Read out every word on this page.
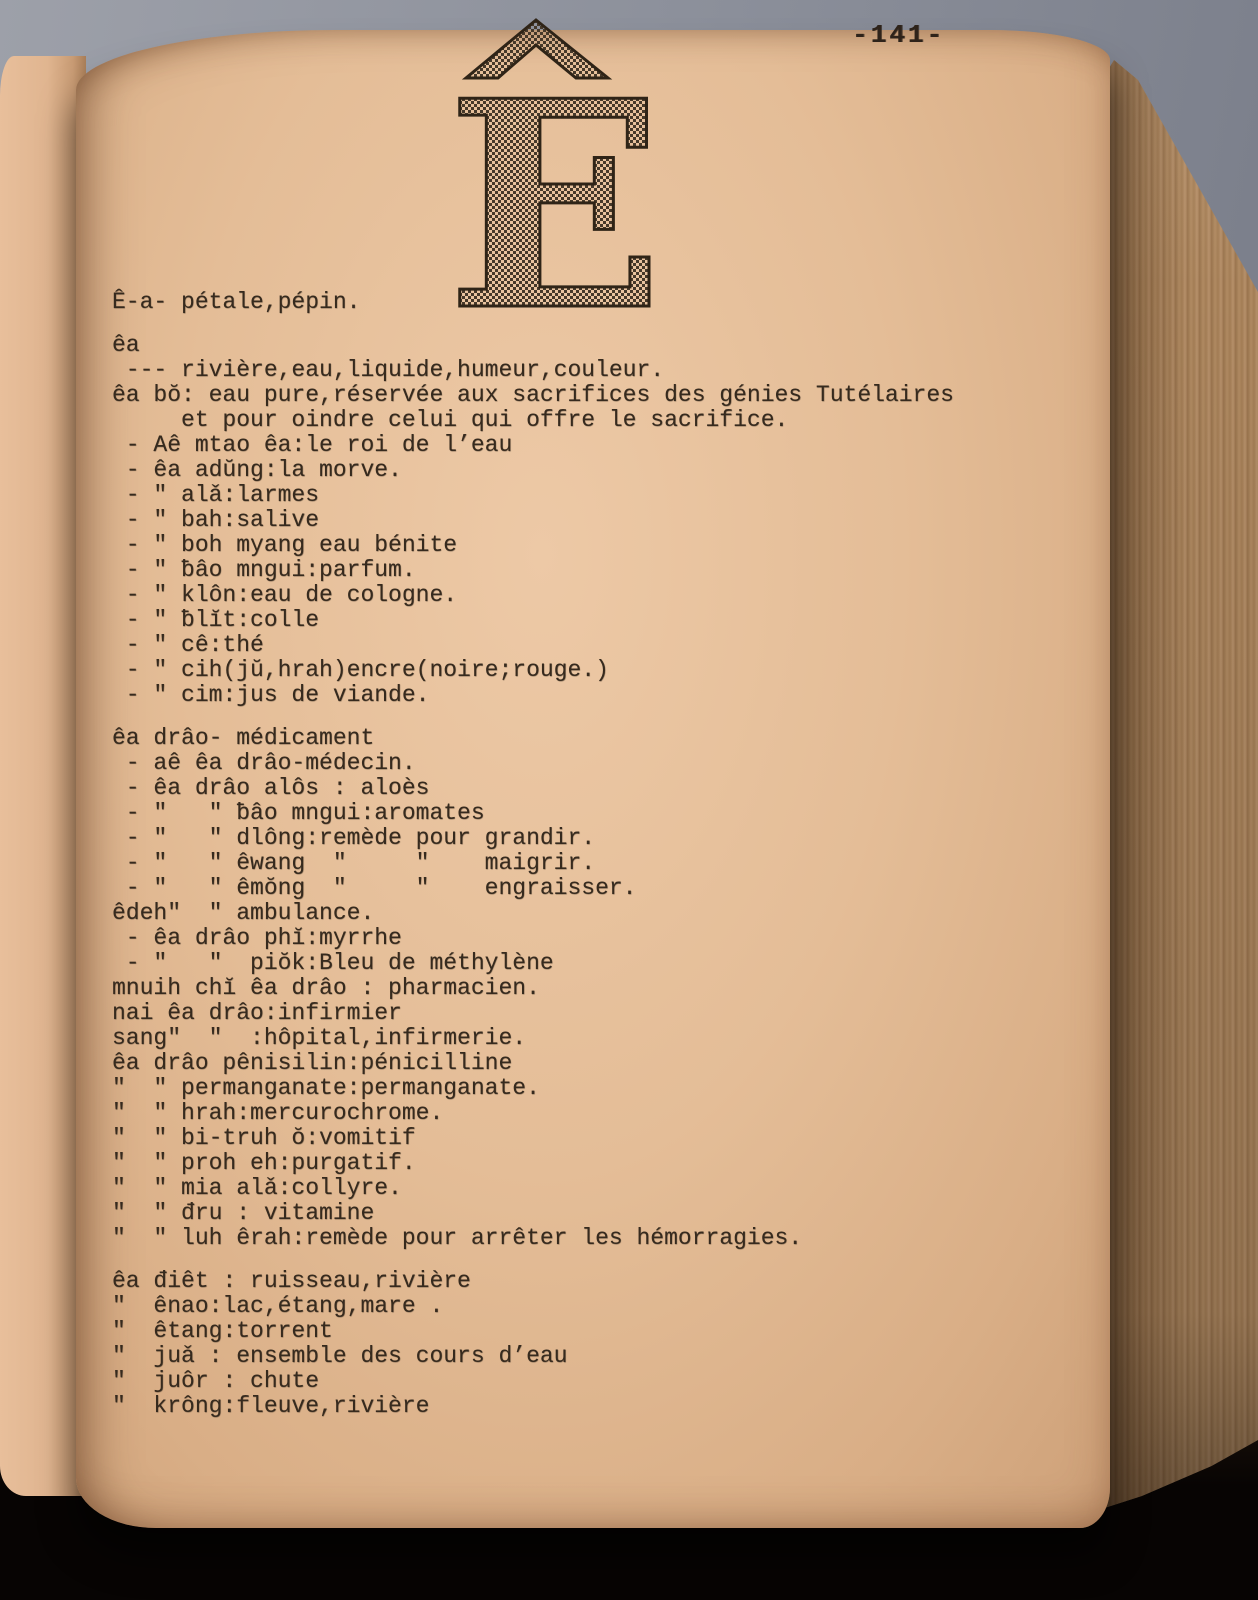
-141-
E
Ê-a- pétale,pépin.
êa
--- rivière,eau,liquide,humeur,couleur.
êa bŏ: eau pure,réservée aux sacrifices des génies Tutélaires
et pour oindre celui qui offre le sacrifice.
- Aê mtao êa:le roi de l’eau
- êa adŭng:la morve.
- " alǎ:larmes
- " bah:salive
- " boh myang eau bénite
- " ƀâo mngui:parfum.
- " klôn:eau de cologne.
- " ƀlĭt:colle
- " cê:thé
- " cih(jŭ,hrah)encre(noire;rouge.)
- " cim:jus de viande.
êa drâo- médicament
- aê êa drâo-médecin.
- êa drâo alôs : aloès
- "   " ƀâo mngui:aromates
- "   " dlông:remède pour grandir.
- "   " êwang  "     "    maigrir.
- "   " êmŏng  "     "    engraisser.
êdeh"  " ambulance.
- êa drâo phĭ:myrrhe
- "   "  piŏk:Bleu de méthylène
mnuih chĭ êa drâo : pharmacien.
nai êa drâo:infirmier
sang"  "  :hôpital,infirmerie.
êa drâo pênisilin:pénicilline
"  " permanganate:permanganate.
"  " hrah:mercurochrome.
"  " bi-truh ŏ:vomitif
"  " proh eh:purgatif.
"  " mia alǎ:collyre.
"  " đru : vitamine
"  " luh êrah:remède pour arrêter les hémorragies.
êa điêt : ruisseau,rivière
"  ênao:lac,étang,mare .
"  êtang:torrent
"  juǎ : ensemble des cours d’eau
"  juôr : chute
"  krông:fleuve,rivière
